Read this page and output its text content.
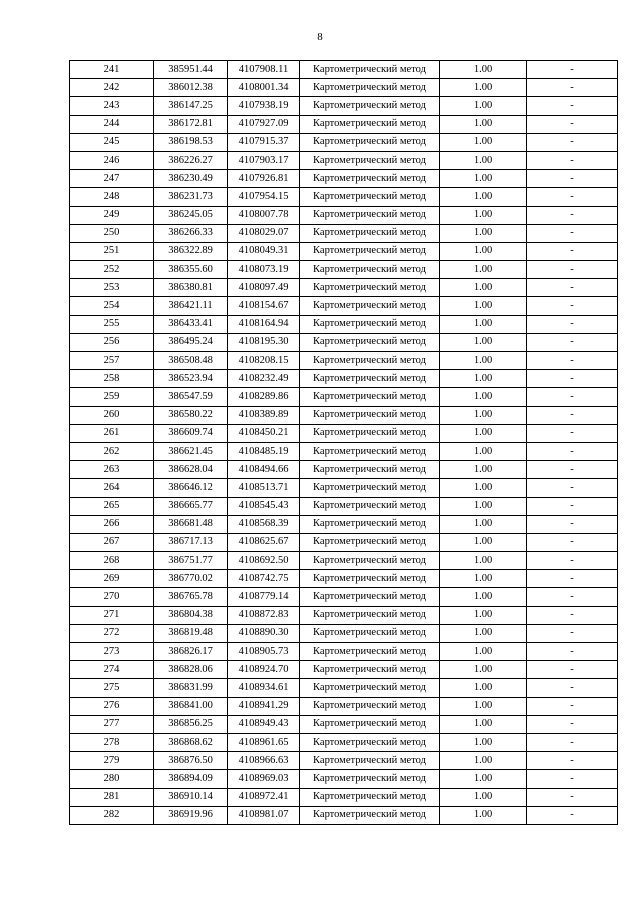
8
241	385951.44	4107908.11	Картометрический метод	1.00	-
242	386012.38	4108001.34	Картометрический метод	1.00	-
243	386147.25	4107938.19	Картометрический метод	1.00	-
244	386172.81	4107927.09	Картометрический метод	1.00	-
245	386198.53	4107915.37	Картометрический метод	1.00	-
246	386226.27	4107903.17	Картометрический метод	1.00	-
247	386230.49	4107926.81	Картометрический метод	1.00	-
248	386231.73	4107954.15	Картометрический метод	1.00	-
249	386245.05	4108007.78	Картометрический метод	1.00	-
250	386266.33	4108029.07	Картометрический метод	1.00	-
251	386322.89	4108049.31	Картометрический метод	1.00	-
252	386355.60	4108073.19	Картометрический метод	1.00	-
253	386380.81	4108097.49	Картометрический метод	1.00	-
254	386421.11	4108154.67	Картометрический метод	1.00	-
255	386433.41	4108164.94	Картометрический метод	1.00	-
256	386495.24	4108195.30	Картометрический метод	1.00	-
257	386508.48	4108208.15	Картометрический метод	1.00	-
258	386523.94	4108232.49	Картометрический метод	1.00	-
259	386547.59	4108289.86	Картометрический метод	1.00	-
260	386580.22	4108389.89	Картометрический метод	1.00	-
261	386609.74	4108450.21	Картометрический метод	1.00	-
262	386621.45	4108485.19	Картометрический метод	1.00	-
263	386628.04	4108494.66	Картометрический метод	1.00	-
264	386646.12	4108513.71	Картометрический метод	1.00	-
265	386665.77	4108545.43	Картометрический метод	1.00	-
266	386681.48	4108568.39	Картометрический метод	1.00	-
267	386717.13	4108625.67	Картометрический метод	1.00	-
268	386751.77	4108692.50	Картометрический метод	1.00	-
269	386770.02	4108742.75	Картометрический метод	1.00	-
270	386765.78	4108779.14	Картометрический метод	1.00	-
271	386804.38	4108872.83	Картометрический метод	1.00	-
272	386819.48	4108890.30	Картометрический метод	1.00	-
273	386826.17	4108905.73	Картометрический метод	1.00	-
274	386828.06	4108924.70	Картометрический метод	1.00	-
275	386831.99	4108934.61	Картометрический метод	1.00	-
276	386841.00	4108941.29	Картометрический метод	1.00	-
277	386856.25	4108949.43	Картометрический метод	1.00	-
278	386868.62	4108961.65	Картометрический метод	1.00	-
279	386876.50	4108966.63	Картометрический метод	1.00	-
280	386894.09	4108969.03	Картометрический метод	1.00	-
281	386910.14	4108972.41	Картометрический метод	1.00	-
282	386919.96	4108981.07	Картометрический метод	1.00	-
